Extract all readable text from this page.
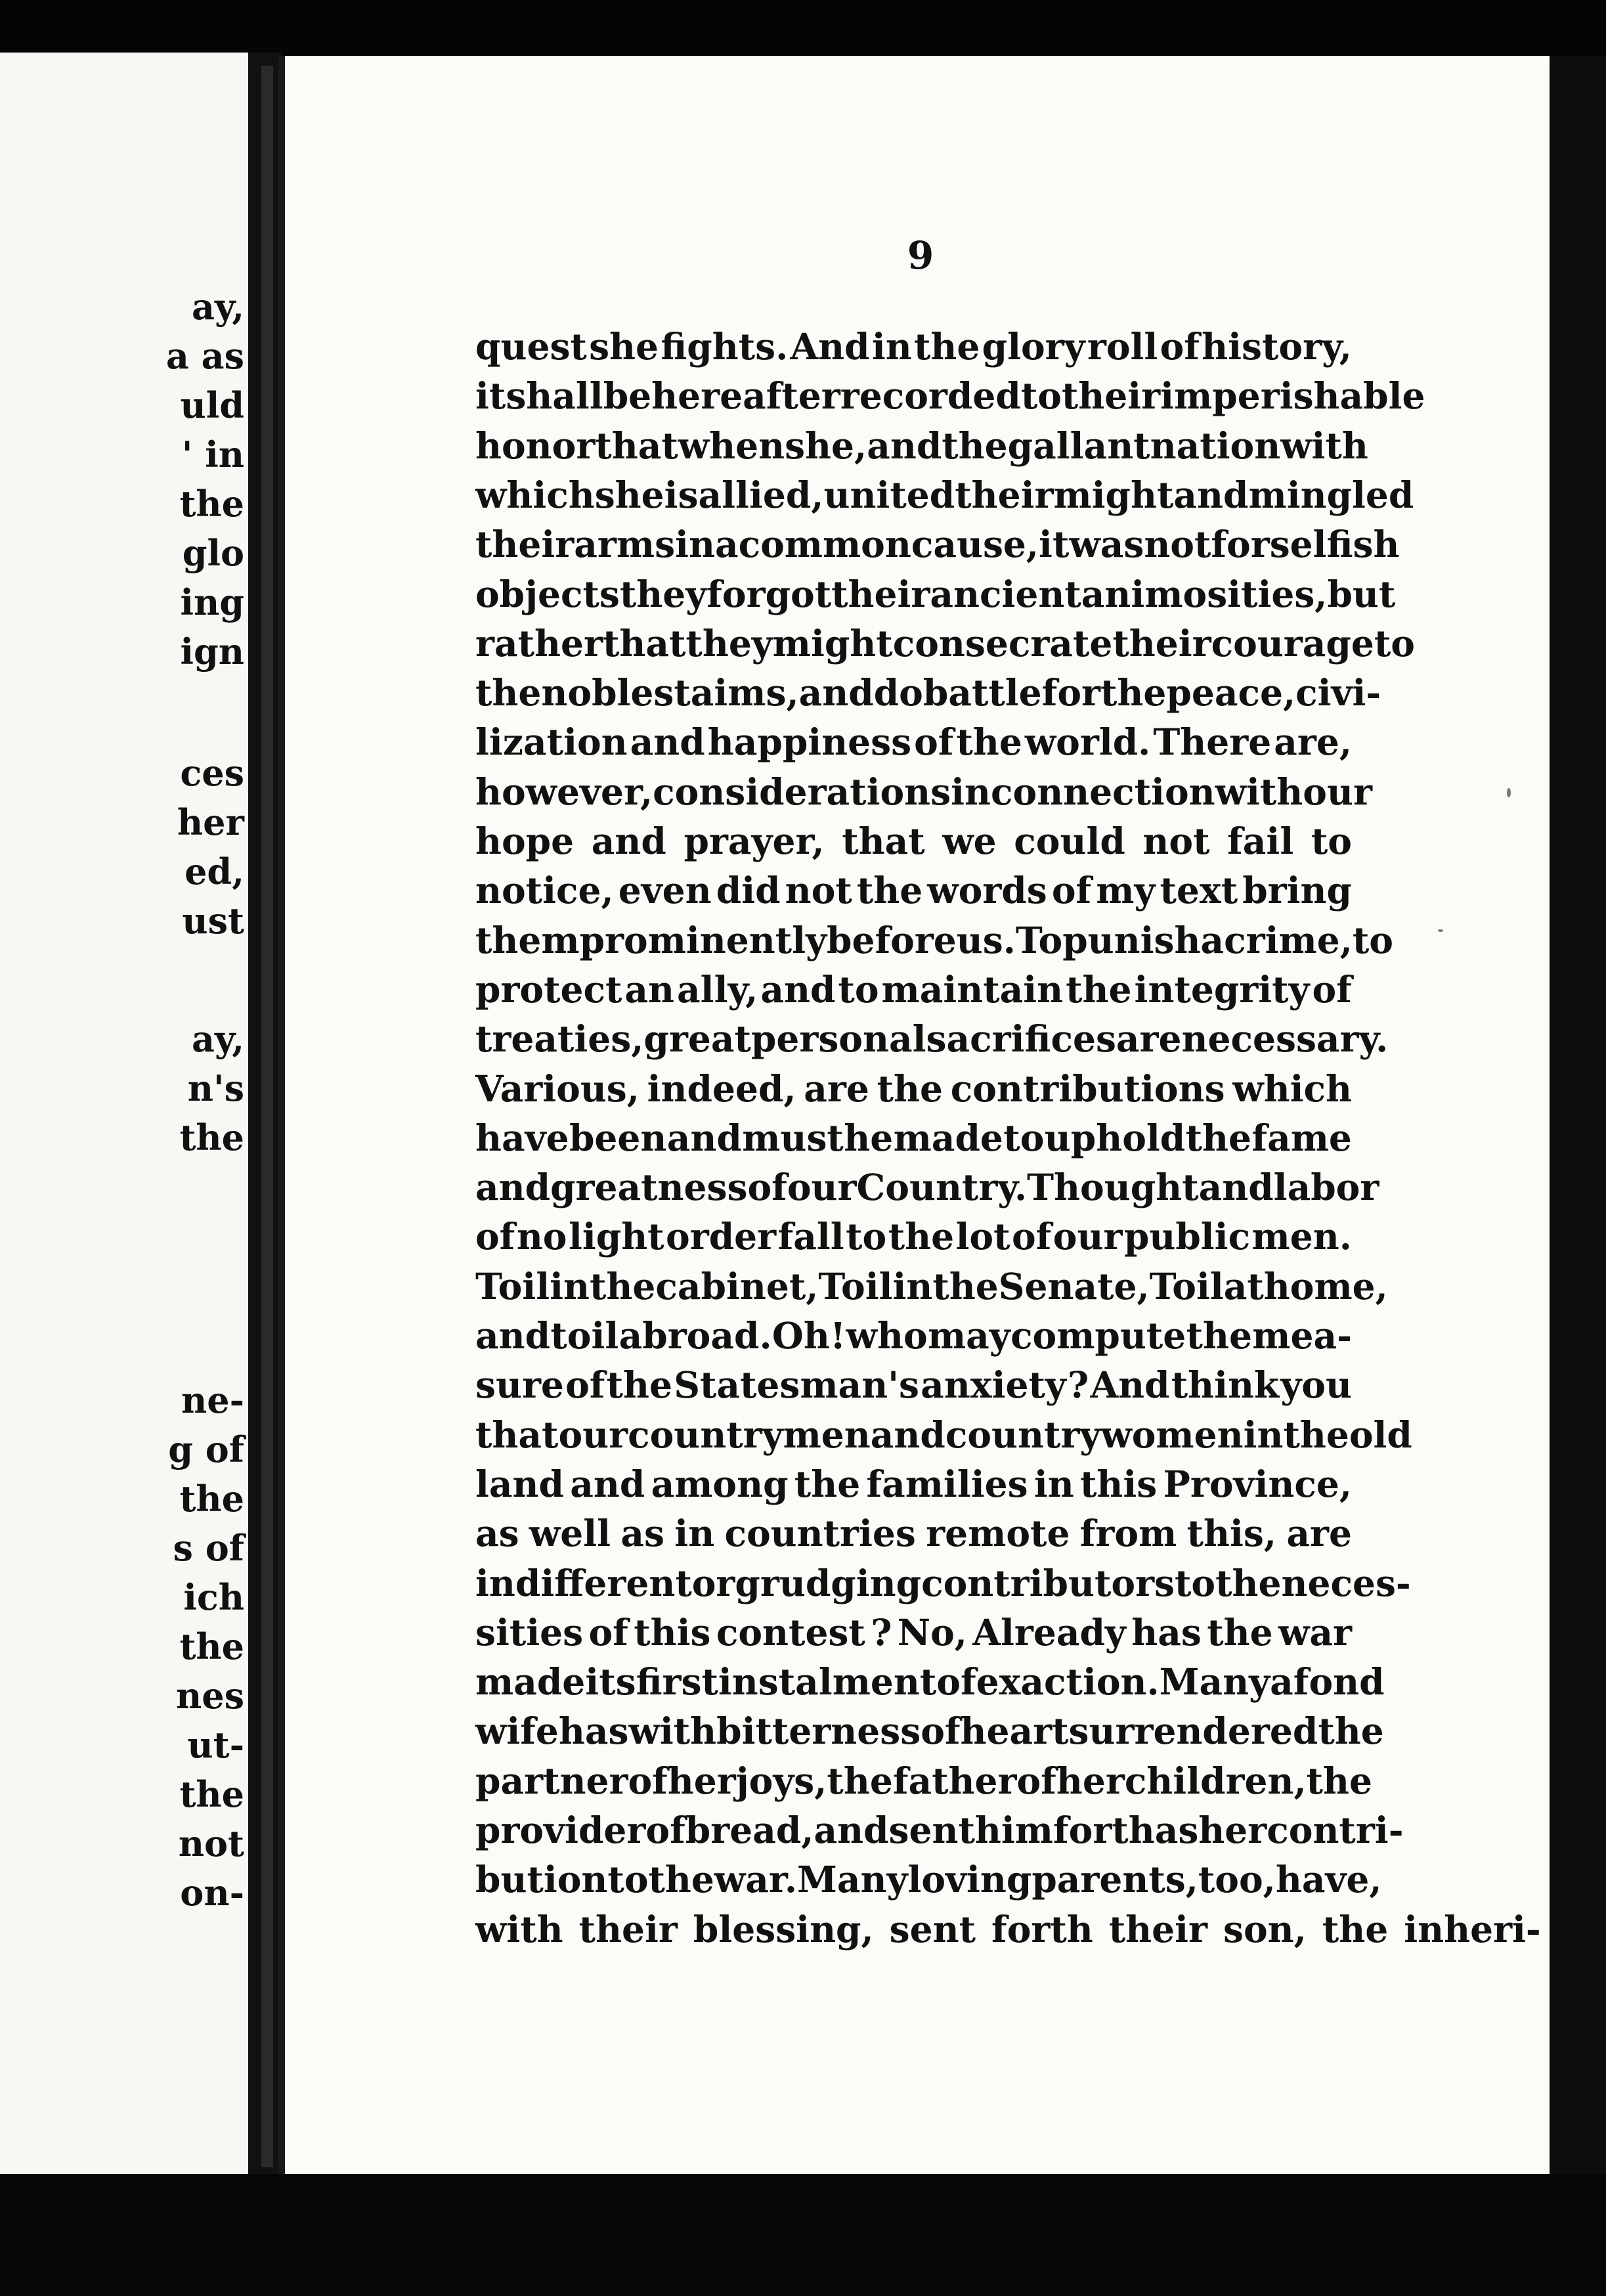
ay,
a as
uld
' in
the
glo
ing
ign
ces
her
ed,
ust
ay,
n's
the
ne-
g of
the
s of
ich
the
nes
ut-
the
not
on-
9
quest she fights. And in the glory roll of history,
it shall be hereafter recorded to their imperishable
honor that when she, and the gallant nation with
which she is allied, united their might and mingled
their arms in a common cause, it was not for selfish
objects they forgot their ancient animosities, but
rather that they might consecrate their courage to
the noblest aims, and do battle for the peace, civi-
lization and happiness of the world. There are,
however, considerations in connection with our
hope and prayer, that we could not fail to
notice, even did not the words of my text bring
them prominently before us. To punish a crime, to
protect an ally, and to maintain the integrity of
treaties, great personal sacrifices are necessary.
Various, indeed, are the contributions which
have been and must he made to uphold the fame
and greatness of our Country. Thought and labor
of no light order fall to the lot of our public men.
Toil in the cabinet, Toil in the Senate, Toil at home,
and toil abroad. Oh ! who may compute the mea-
sure of the Statesman's anxiety ? And think you
that our countrymen and countrywomen in the old
land and among the families in this Province,
as well as in countries remote from this, are
indifferent or grudging contributors to the neces-
sities of this contest ? No, Already has the war
made its first instalment of exaction. Many a fond
wife has with bitterness of heart surrendered the
partner of her joys, the father of her children, the
provider of bread, and sent him forth as her contri-
bution to the war. Many loving parents, too, have,
with their blessing, sent forth their son, the inheri-
